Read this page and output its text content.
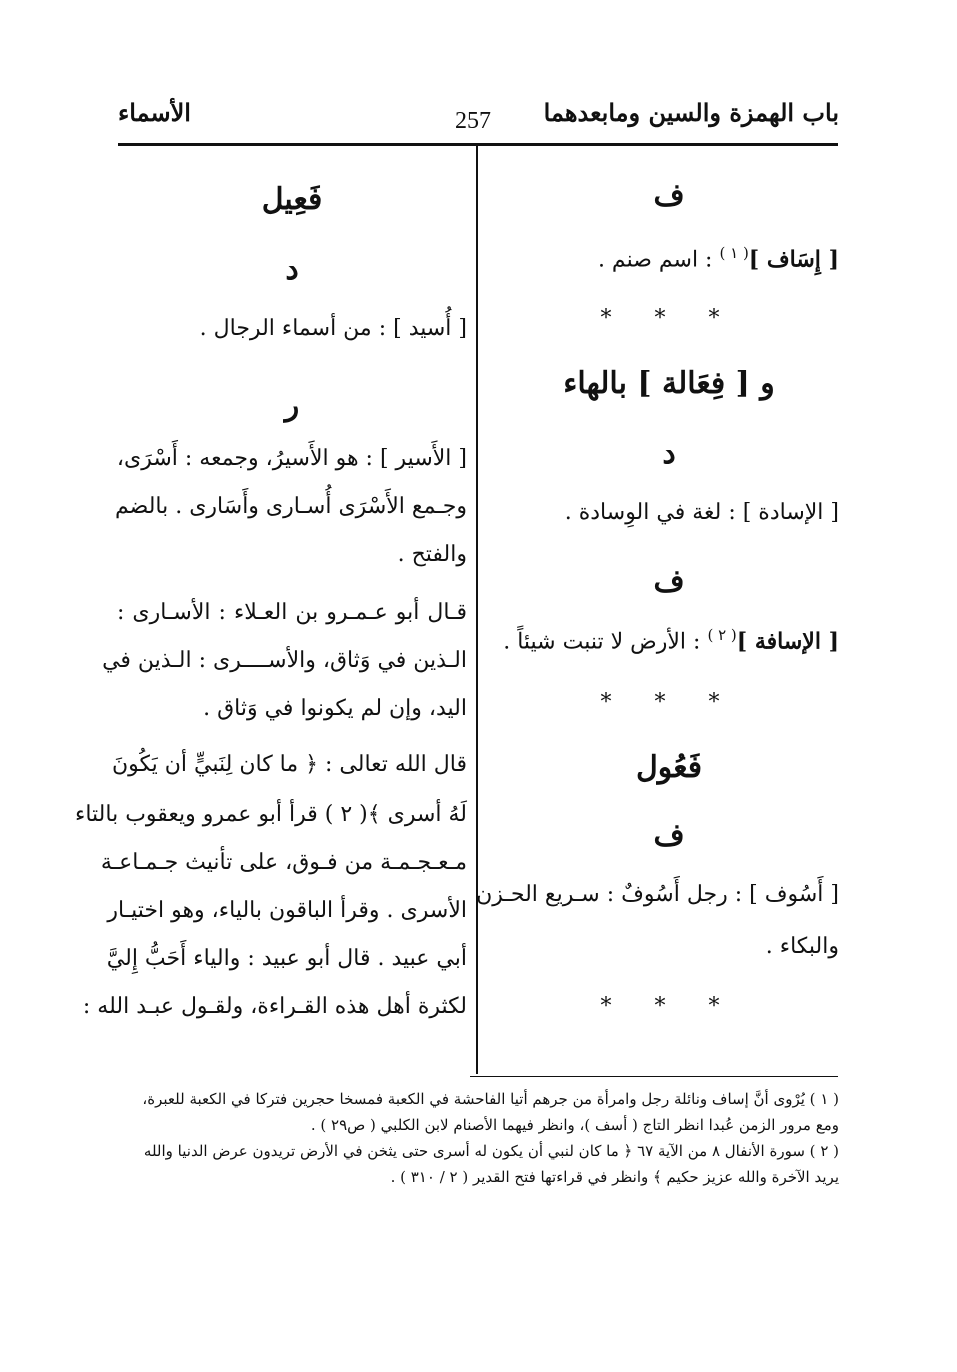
الأسماء	257 باب الهمزة والسين ومابعدهما
ف
[ إِسَاف ]$^{( ١ )}$ : اسم صنم .
* * *
و [ فِعَالة ] بالهاء
د
[ الإسادة ] : لغة في الوِسادة .
ف
[ الإسافة ]$^{( ٢ )}$ : الأرض لا تنبت شيئاً .
* * *
فَعُول
ف
[ أَسُوف ] : رجل أَسُوفٌ : سـريع الحـزن
والبكاء .
* * *
فَعِيل
د
[ أُسيد ] : من أسماء الرجال .
ر
[ الأَسير ] : هو الأَسيرُ، وجمعه : أَسْرَى،
وجـمع الأَسْرَى أُسـارى وأَسَارى . بالضم
والفتح .
قـال أبو عـمـرو بن العـلاء : الأسـارى :
الـذين في وَثاق، والأســــرى : الـذين في
اليد، وإن لم يكونوا في وَثاق .
قال الله تعالى : ﴿ ما كان لِنَبيٍّ أن يَكُونَ
لَهُ أسرى ﴾( ٢ ) قرأ أبو عمرو ويعقوب بالتاء
مـعـجـمـة من فـوق، على تأنيث جـمـاعـة
الأسرى . وقرأ الباقون بالياء، وهو اختيـار
أبي عبيد . قال أبو عبيد : والياء أَحَبُّ إِليَّ
لكثرة أهل هذه القـراءة، ولقـول عبـد الله :
( ١ ) يُرْوى أنَّ إساف ونائلة رجل وامرأة من جرهم أتيا الفاحشة في الكعبة فمسخا حجرين فتركا في الكعبة للعبرة،
ومع مرور الزمن عُبدا انظر التاج ( أسف )، وانظر فيهما الأصنام لابن الكلبي ( ص٢٩ ) .
( ٢ ) سورة الأنفال ٨ من الآية ٦٧ ﴿ ما كان لنبي أن يكون له أسرى حتى يثخن في الأرض تريدون عرض الدنيا والله
يريد الآخرة والله عزيز حكيم ﴾ وانظر في قراءتها فتح القدير ( ٢ / ٣١٠ ) .
